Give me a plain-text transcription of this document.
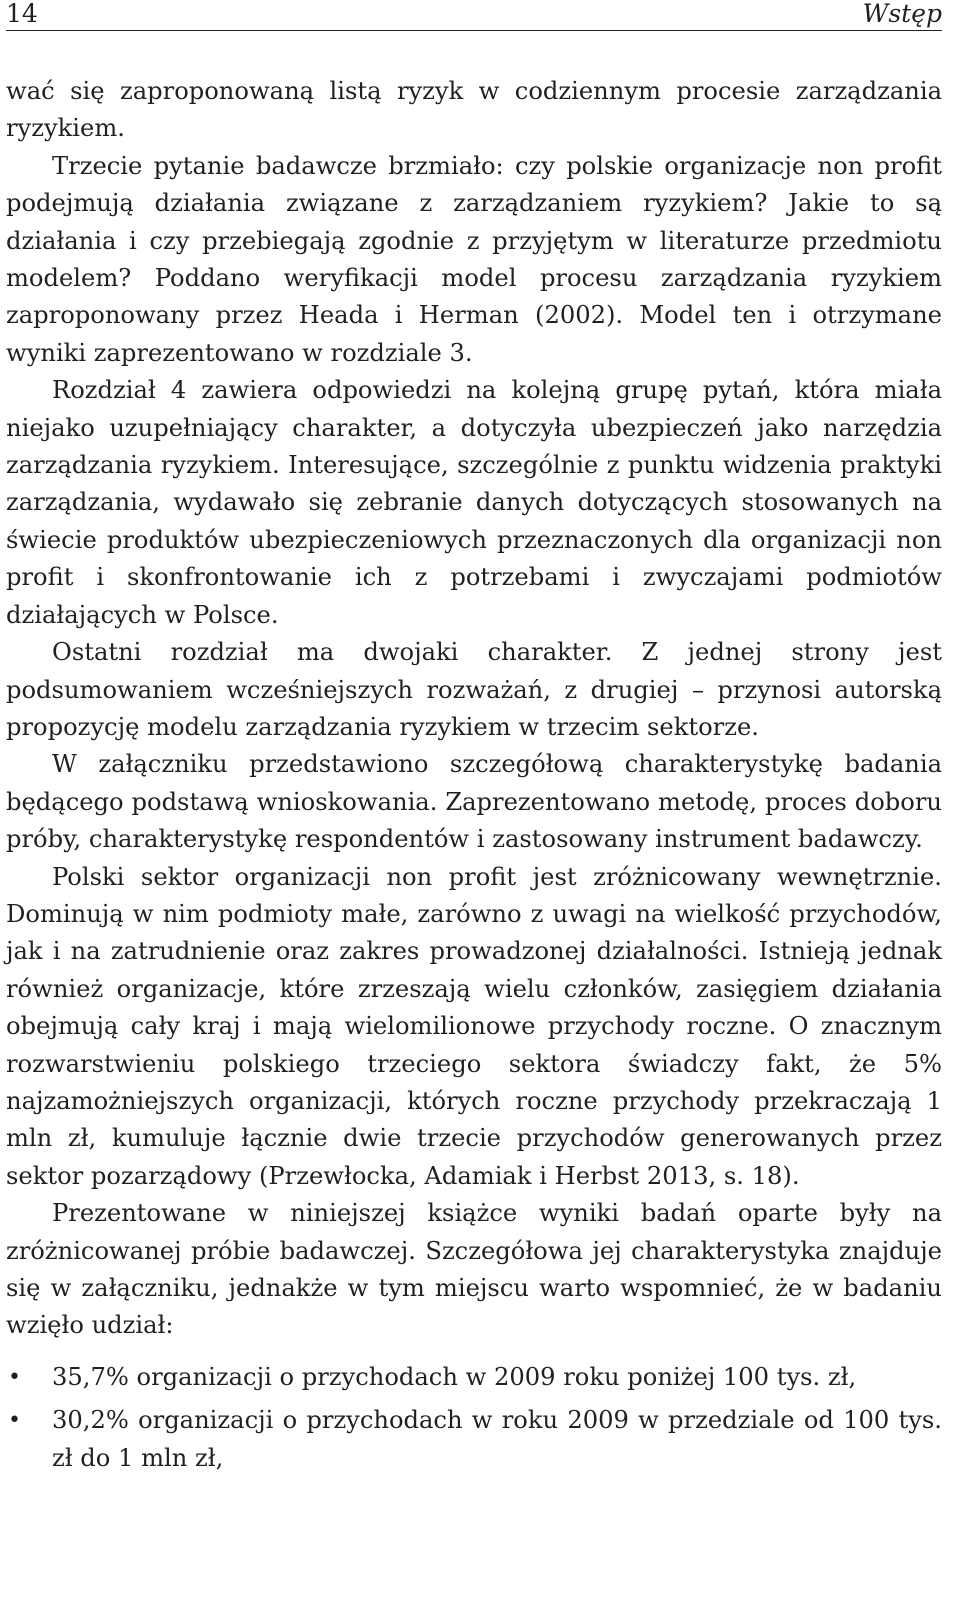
14	Wstęp

wać się zaproponowaną listą ryzyk w codziennym procesie zarządzania ryzykiem.

Trzecie pytanie badawcze brzmiało: czy polskie organizacje non profit podejmują działania związane z zarządzaniem ryzykiem? Jakie to są działania i czy przebiegają zgodnie z przyjętym w literaturze przedmiotu modelem? Poddano weryfikacji model procesu zarządzania ryzykiem zaproponowany przez Heada i Herman (2002). Model ten i otrzymane wyniki zaprezentowano w rozdziale 3.

Rozdział 4 zawiera odpowiedzi na kolejną grupę pytań, która miała niejako uzupełniający charakter, a dotyczyła ubezpieczeń jako narzędzia zarządzania ryzykiem. Interesujące, szczególnie z punktu widzenia praktyki zarządzania, wydawało się zebranie danych dotyczących stosowanych na świecie produktów ubezpieczeniowych przeznaczonych dla organizacji non profit i skonfrontowanie ich z potrzebami i zwyczajami podmiotów działających w Polsce.

Ostatni rozdział ma dwojaki charakter. Z jednej strony jest podsumowaniem wcześniejszych rozważań, z drugiej – przynosi autorską propozycję modelu zarządzania ryzykiem w trzecim sektorze.

W załączniku przedstawiono szczegółową charakterystykę badania będącego podstawą wnioskowania. Zaprezentowano metodę, proces doboru próby, charakterystykę respondentów i zastosowany instrument badawczy.

Polski sektor organizacji non profit jest zróżnicowany wewnętrznie. Dominują w nim podmioty małe, zarówno z uwagi na wielkość przychodów, jak i na zatrudnienie oraz zakres prowadzonej działalności. Istnieją jednak również organizacje, które zrzeszają wielu członków, zasięgiem działania obejmują cały kraj i mają wielomilionowe przychody roczne. O znacznym rozwarstwieniu polskiego trzeciego sektora świadczy fakt, że 5% najzamożniejszych organizacji, których roczne przychody przekraczają 1 mln zł, kumuluje łącznie dwie trzecie przychodów generowanych przez sektor pozarządowy (Przewłocka, Adamiak i Herbst 2013, s. 18).

Prezentowane w niniejszej książce wyniki badań oparte były na zróżnicowanej próbie badawczej. Szczegółowa jej charakterystyka znajduje się w załączniku, jednakże w tym miejscu warto wspomnieć, że w badaniu wzięło udział:

• 35,7% organizacji o przychodach w 2009 roku poniżej 100 tys. zł,
• 30,2% organizacji o przychodach w roku 2009 w przedziale od 100 tys. zł do 1 mln zł,
